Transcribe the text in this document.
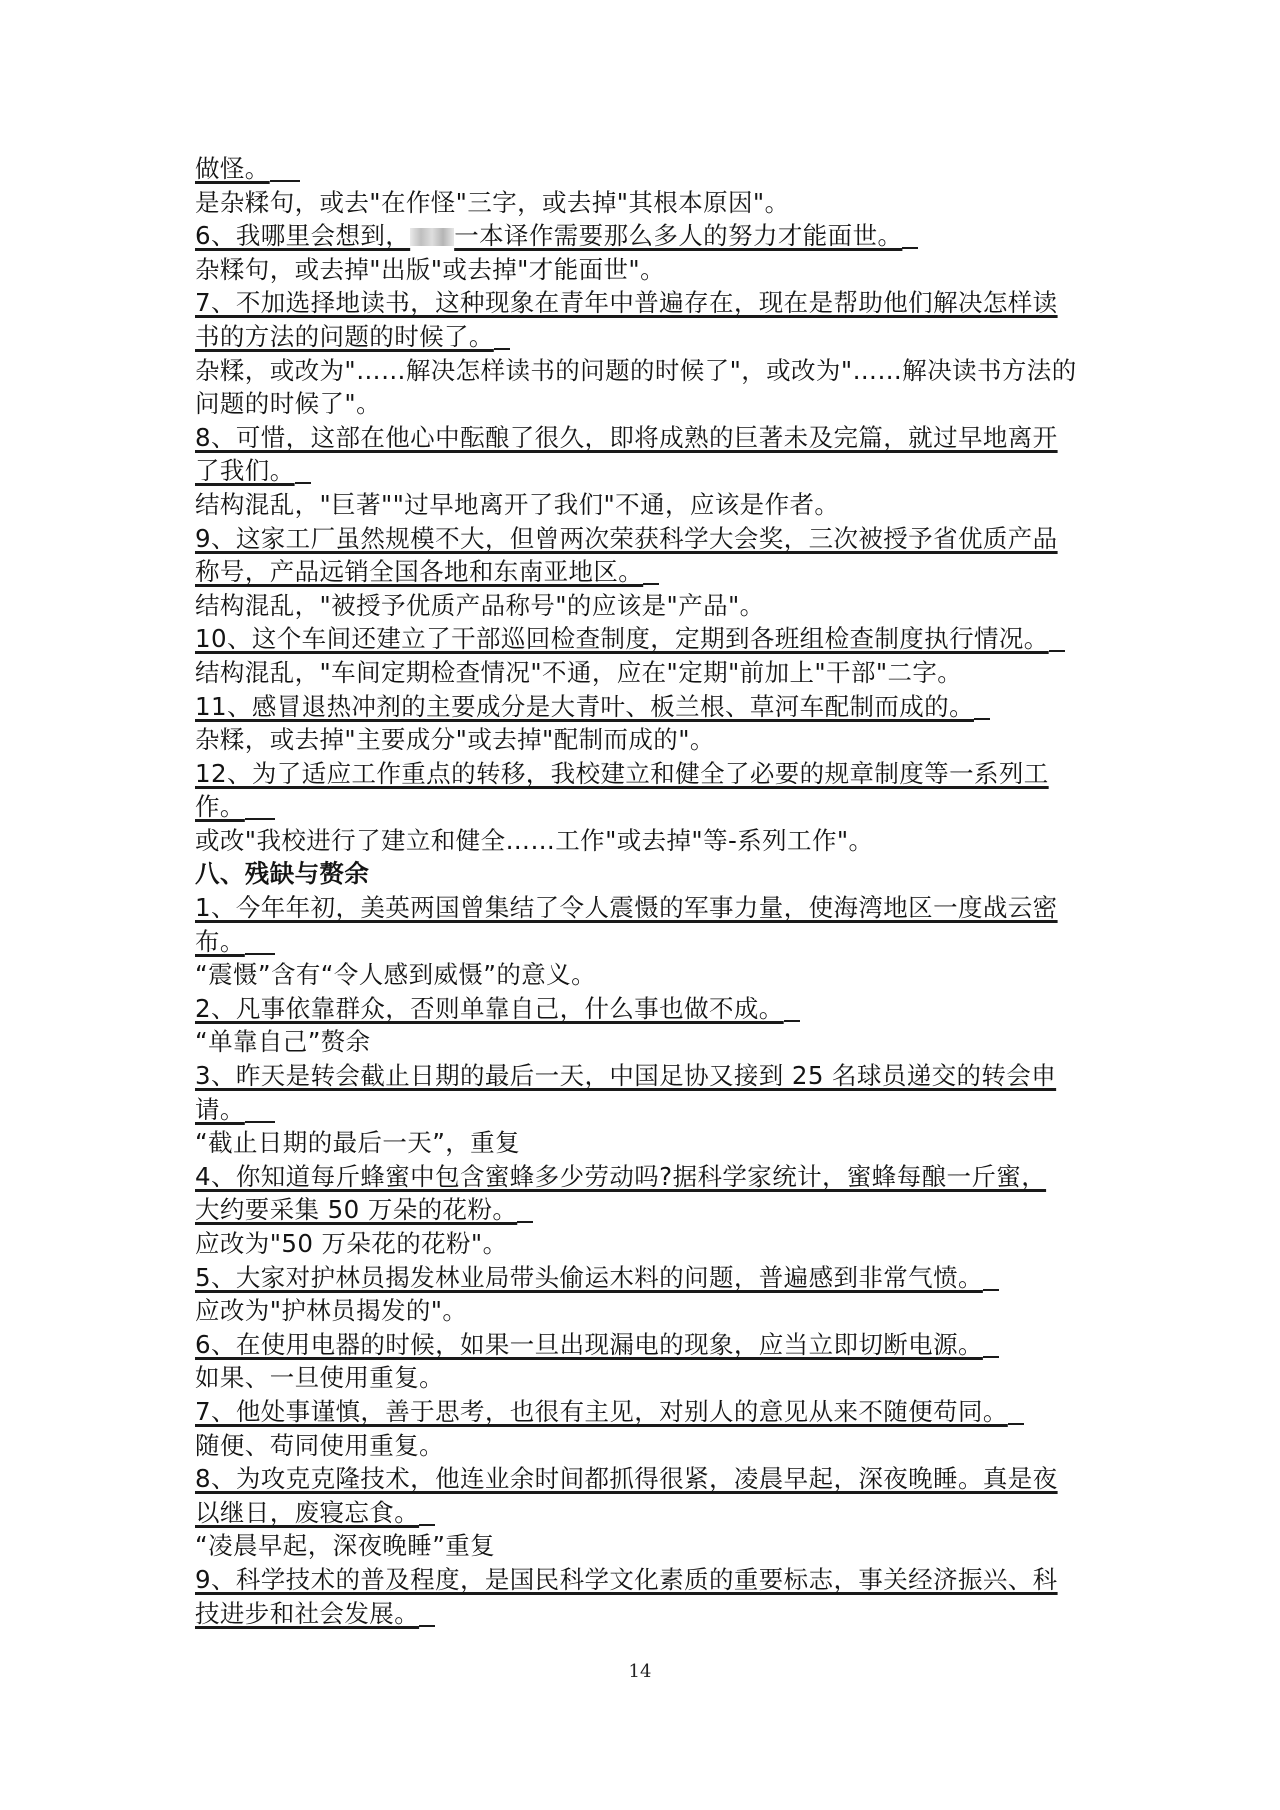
做怪。
是杂糅句，或去"在作怪"三字，或去掉"其根本原因"。
6、我哪里会想到， 一本译作需要那么多人的努力才能面世。
杂糅句，或去掉"出版"或去掉"才能面世"。
7、不加选择地读书，这种现象在青年中普遍存在，现在是帮助他们解决怎样读
书的方法的问题的时候了。
杂糅，或改为"……解决怎样读书的问题的时候了"，或改为"……解决读书方法的
问题的时候了"。
8、可惜，这部在他心中酝酿了很久，即将成熟的巨著未及完篇，就过早地离开
了我们。
结构混乱，"巨著""过早地离开了我们"不通，应该是作者。
9、这家工厂虽然规模不大，但曾两次荣获科学大会奖，三次被授予省优质产品
称号，产品远销全国各地和东南亚地区。
结构混乱，"被授予优质产品称号"的应该是"产品"。
10、这个车间还建立了干部巡回检查制度，定期到各班组检查制度执行情况。
结构混乱，"车间定期检查情况"不通，应在"定期"前加上"干部"二字。
11、感冒退热冲剂的主要成分是大青叶、板兰根、草河车配制而成的。
杂糅，或去掉"主要成分"或去掉"配制而成的"。
12、为了适应工作重点的转移，我校建立和健全了必要的规章制度等一系列工
作。
或改"我校进行了建立和健全……工作"或去掉"等-系列工作"。
八、残缺与赘余
1、今年年初，美英两国曾集结了令人震慑的军事力量，使海湾地区一度战云密
布。
“震慑”含有“令人感到威慑”的意义。
2、凡事依靠群众，否则单靠自己，什么事也做不成。
“单靠自己”赘余
3、昨天是转会截止日期的最后一天，中国足协又接到 25 名球员递交的转会申
请。
“截止日期的最后一天”，重复
4、你知道每斤蜂蜜中包含蜜蜂多少劳动吗?据科学家统计，蜜蜂每酿一斤蜜，
大约要采集 50 万朵的花粉。
应改为"50 万朵花的花粉"。
5、大家对护林员揭发林业局带头偷运木料的问题，普遍感到非常气愤。
应改为"护林员揭发的"。
6、在使用电器的时候，如果一旦出现漏电的现象，应当立即切断电源。
如果、一旦使用重复。
7、他处事谨慎，善于思考，也很有主见，对别人的意见从来不随便苟同。
随便、苟同使用重复。
8、为攻克克隆技术，他连业余时间都抓得很紧，凌晨早起，深夜晚睡。真是夜
以继日，废寝忘食。
“凌晨早起，深夜晚睡”重复
9、科学技术的普及程度，是国民科学文化素质的重要标志，事关经济振兴、科
技进步和社会发展。
14
